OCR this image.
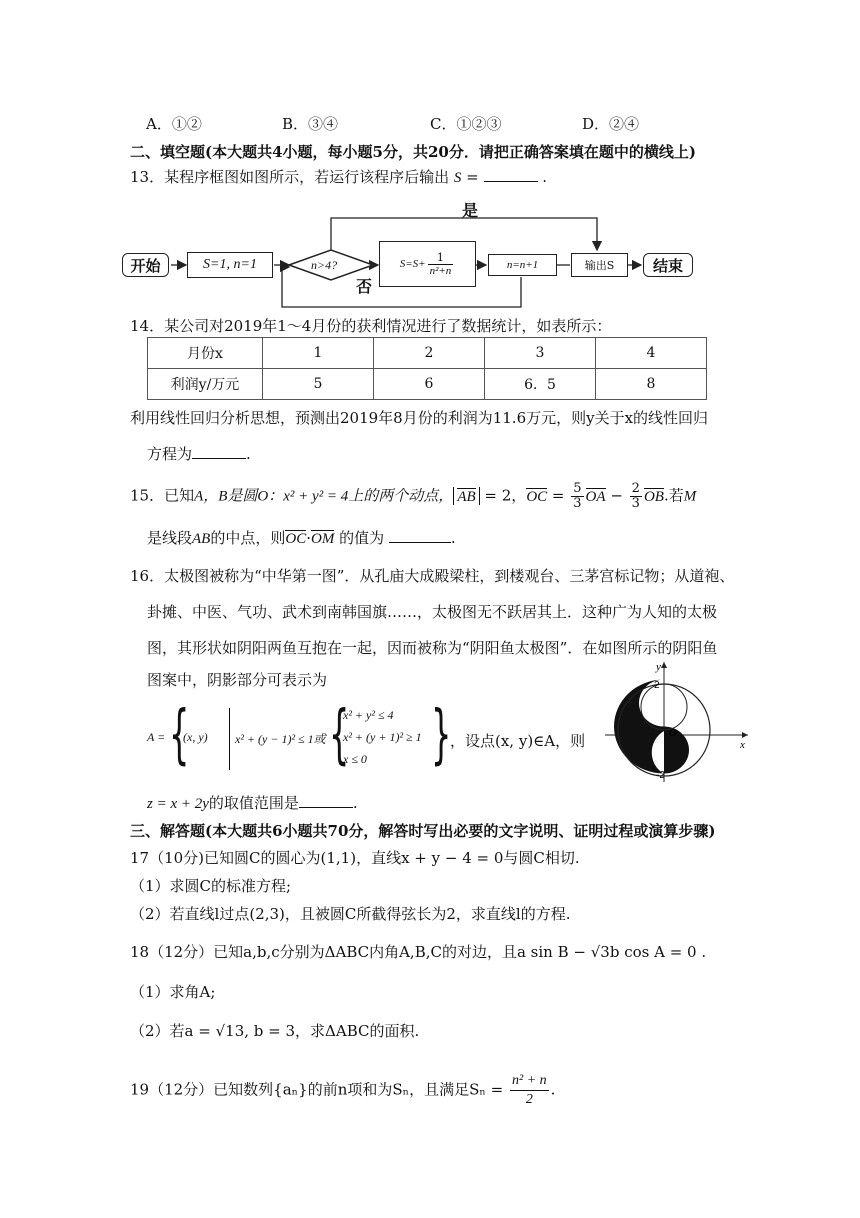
A．①②	B．③④	C．①②③	D．②④
二、填空题(本大题共4小题，每小题5分，共20分．请把正确答案填在题中的横线上)
13．某程序框图如图所示，若运行该程序后输出 S =	.
开始	S=1, n=1	n>4?
是
否
$S=S+ \frac{1}{\text{n²+n}}$	n=n+1	输出S	结束
14．某公司对2019年1～4月份的获利情况进行了数据统计，如表所示：
月份x	1	2	3	4
利润y/万元	5	6	6．5	8
利用线性回归分析思想，预测出2019年8月份的利润为11.6万元，则y关于x的线性回归
方程为	.
15．已知A，B是圆O：x² + y² = 4上的两个动点， AB = 2，OC = $\frac{5}{3}$ OA − $\frac{2}{3}$ OB.若M
是线段AB的中点，则OC·OM 的值为	.
16．太极图被称为“中华第一图”．从孔庙大成殿梁柱，到楼观台、三茅宫标记物；从道袍、
卦摊、中医、气功、武术到南韩国旗……，太极图无不跃居其上．这种广为人知的太极
图，其形状如阴阳两鱼互抱在一起，因而被称为“阴阳鱼太极图”．在如图所示的阴阳鱼
图案中，阴影部分可表示为
A = {
(x, y) x² + (y − 1)² ≤ 1或 {
x² + y² ≤ 4
x² + (y + 1)² ≥ 1
x ≤ 0 }
，设点(x, y)∈A，则
z = x + 2y的取值范围是	.
y
x
O
2
-2
三、解答题(本大题共6小题共70分，解答时写出必要的文字说明、证明过程或演算步骤)
17（10分)已知圆C的圆心为(1,1)，直线x + y − 4 = 0与圆C相切.
（1）求圆C的标准方程;
（2）若直线l过点(2,3)，且被圆C所截得弦长为2，求直线l的方程.
18（12分）已知a,b,c分别为ΔABC内角A,B,C的对边，且a sin B − √3b cos A = 0 .
（1）求角A;
（2）若a = √13, b = 3，求ΔABC的面积.
19（12分）已知数列{aₙ}的前n项和为Sₙ，且满足$S_n = \frac{\text{n² + n}}{2}$ .
